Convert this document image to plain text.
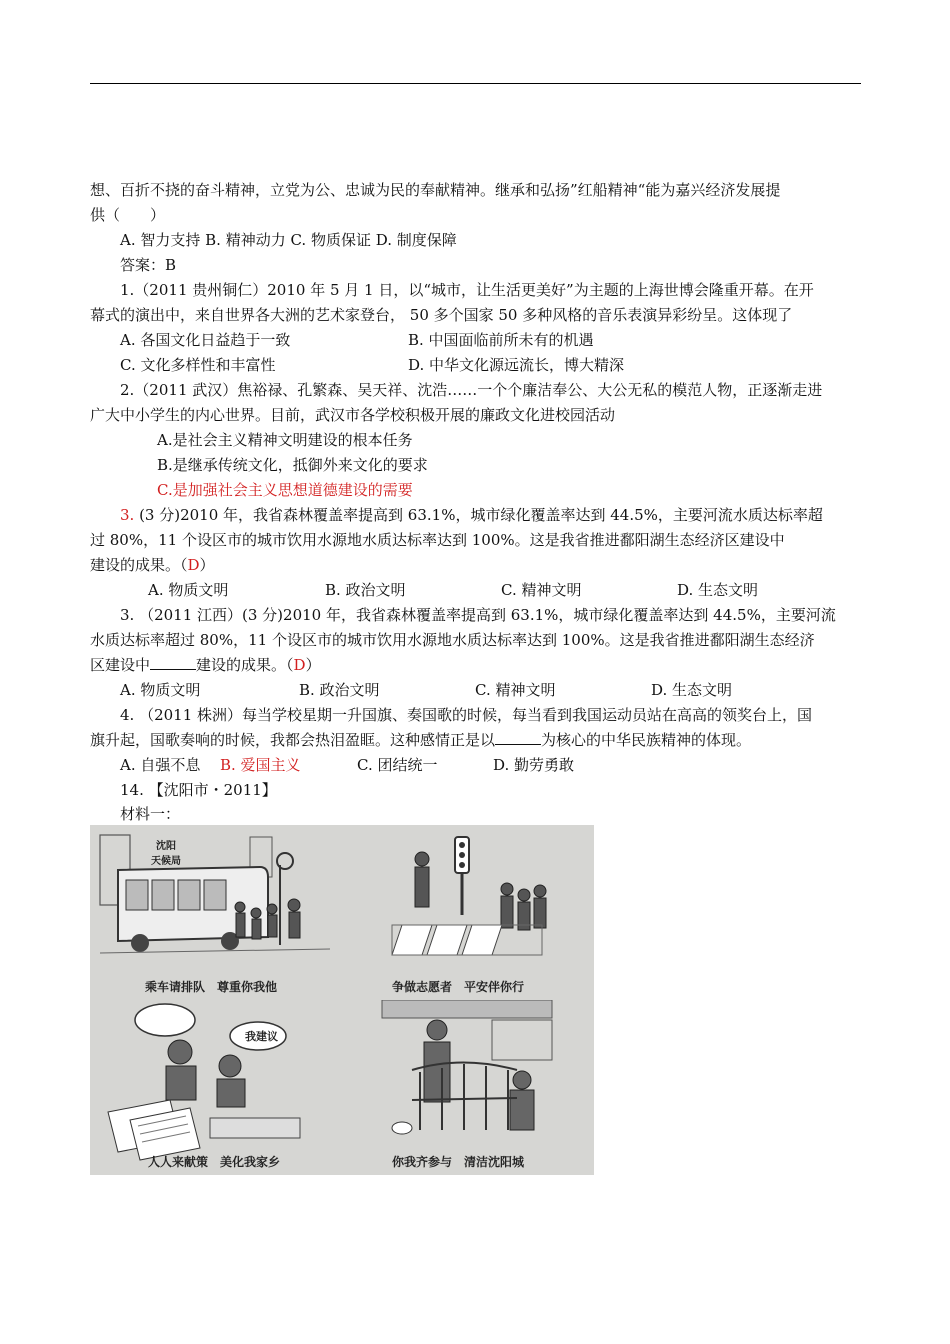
想、百折不挠的奋斗精神，立党为公、忠诚为民的奉献精神。继承和弘扬”红船精神“能为嘉兴经济发展提
供（　　）
A. 智力支持 B. 精神动力 C. 物质保证 D. 制度保障
答案：B
1.（2011 贵州铜仁）2010 年 5 月 1 日，以“城市，让生活更美好”为主题的上海世博会隆重开幕。在开
幕式的演出中，来自世界各大洲的艺术家登台， 50 多个国家 50 多种风格的音乐表演异彩纷呈。这体现了
A. 各国文化日益趋于一致	B. 中国面临前所未有的机遇
C. 文化多样性和丰富性	D. 中华文化源远流长，博大精深
2.（2011 武汉）焦裕禄、孔繁森、吴天祥、沈浩……一个个廉洁奉公、大公无私的模范人物，正逐渐走进
广大中小学生的内心世界。目前，武汉市各学校积极开展的廉政文化进校园活动
A.是社会主义精神文明建设的根本任务
B.是继承传统文化，抵御外来文化的要求
C.是加强社会主义思想道德建设的需要
3. (3 分)2010 年，我省森林覆盖率提高到 63.1%，城市绿化覆盖率达到 44.5%，主要河流水质达标率超
过 80%，11 个设区市的城市饮用水源地水质达标率达到 100%。这是我省推进鄱阳湖生态经济区建设中
建设的成果。（D）
A. 物质文明	B. 政治文明	C. 精神文明	D. 生态文明
3. （2011 江西）(3 分)2010 年，我省森林覆盖率提高到 63.1%，城市绿化覆盖率达到 44.5%，主要河流
水质达标率超过 80%，11 个设区市的城市饮用水源地水质达标率达到 100%。这是我省推进鄱阳湖生态经济
区建设中	建设的成果。（D）
A. 物质文明	B. 政治文明	C. 精神文明	D. 生态文明
4. （2011 株洲）每当学校星期一升国旗、奏国歌的时候，每当看到我国运动员站在高高的领奖台上，国
旗升起，国歌奏响的时候，我都会热泪盈眶。这种感情正是以	为核心的中华民族精神的体现。
A. 自强不息 B. 爱国主义	C. 团结统一	D. 勤劳勇敢
14. 【沈阳市・2011】
材料一：
乘车请排队　尊重你我他	争做志愿者　平安伴你行
沈阳
天候局
我建议
人人来献策　美化我家乡	你我齐参与　清洁沈阳城
